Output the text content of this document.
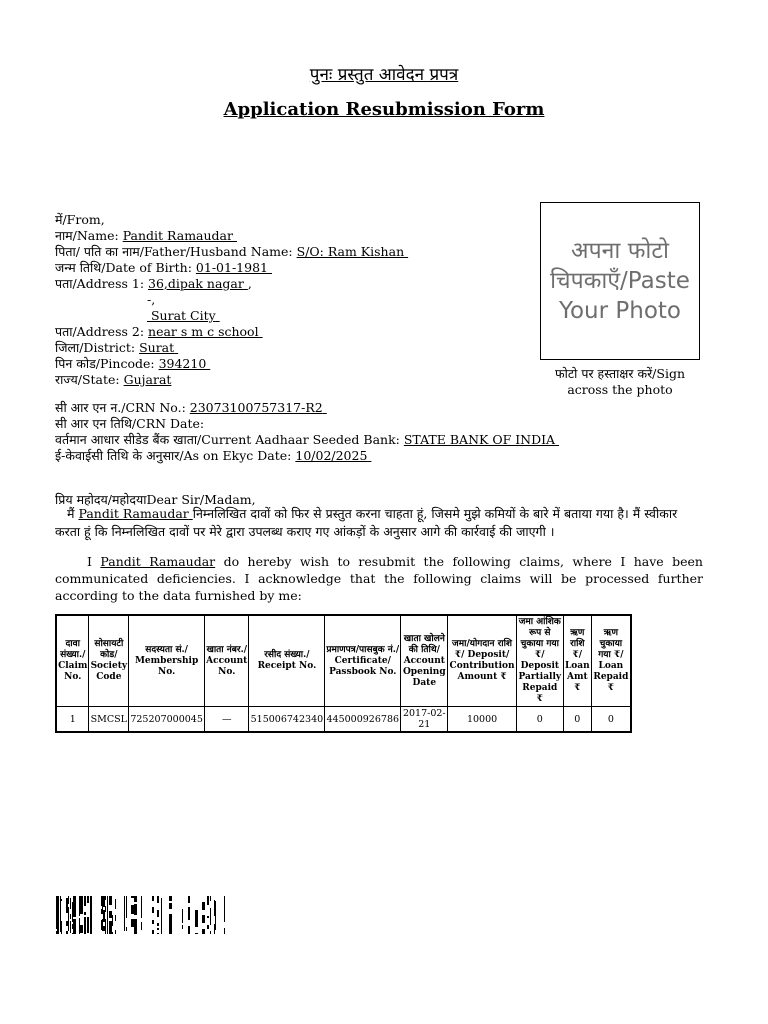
पुनः प्रस्तुत आवेदन प्रपत्र
Application Resubmission Form
में/From,
नाम/Name: Pandit Ramaudar
पिता/ पति का नाम/Father/Husband Name: S/O: Ram Kishan
जन्म तिथि/Date of Birth: 01-01-1981
पता/Address 1: 36,dipak nagar ,
-,
Surat City
पता/Address 2: near s m c school
जिला/District: Surat
पिन कोड/Pincode: 394210
राज्य/State: Gujarat
अपना फोटो
चिपकाएँ/Paste
Your Photo
फोटो पर हस्ताक्षर करें/Sign
across the photo
सी आर एन न./CRN No.: 23073100757317-R2
सी आर एन तिथि/CRN Date:
वर्तमान आधार सीडेड बैंक खाता/Current Aadhaar Seeded Bank: STATE BANK OF INDIA
ई-केवाईसी तिथि के अनुसार/As on Ekyc Date: 10/02/2025
प्रिय महोदय/महोदयाDear Sir/Madam,
मैं Pandit Ramaudar निम्नलिखित दावों को फिर से प्रस्तुत करना चाहता हूं, जिसमे मुझे कमियों के बारे में बताया गया है। मैं स्वीकार करता हूं कि निम्नलिखित दावों पर मेरे द्वारा उपलब्ध कराए गए आंकड़ों के अनुसार आगे की कार्रवाई की जाएगी ।
I Pandit Ramaudar do hereby wish to resubmit the following claims, where I have been communicated deficiencies. I acknowledge that the following claims will be processed further according to the data furnished by me:
दावा संख्या./ Claim No.	सोसायटी कोड/ Society Code	सदस्यता सं./ Membership No.	खाता नंबर./ Account No.	रसीद संख्या./ Receipt No.	प्रमाणपत्र/पासबुक नं./ Certificate/ Passbook No.	खाता खोलने की तिथि/ Account Opening Date	जमा/योगदान राशि ₹/ Deposit/ Contribution Amount ₹	जमा आंशिक रूप से चुकाया गया ₹/ Deposit Partially Repaid ₹	ऋण राशि ₹/ Loan Amt ₹	ऋण चुकाया गया ₹/ Loan Repaid ₹
1	SMCSL	725207000045	—	515006742340	445000926786	2017-02-21	10000	0	0	0
